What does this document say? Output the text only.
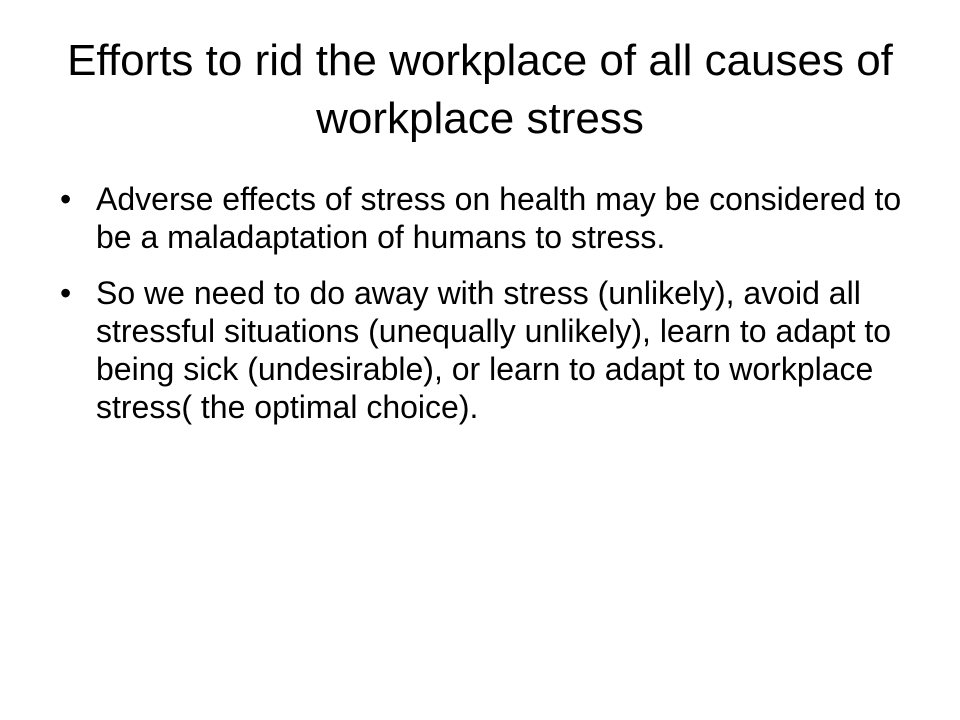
Efforts to rid the workplace of all causes of workplace stress
• Adverse effects of stress on health may be considered to be a maladaptation of humans to stress.
• So we need to do away with stress (unlikely), avoid all stressful situations (unequally unlikely), learn to adapt to being sick (undesirable), or learn to adapt to workplace stress( the optimal choice).
